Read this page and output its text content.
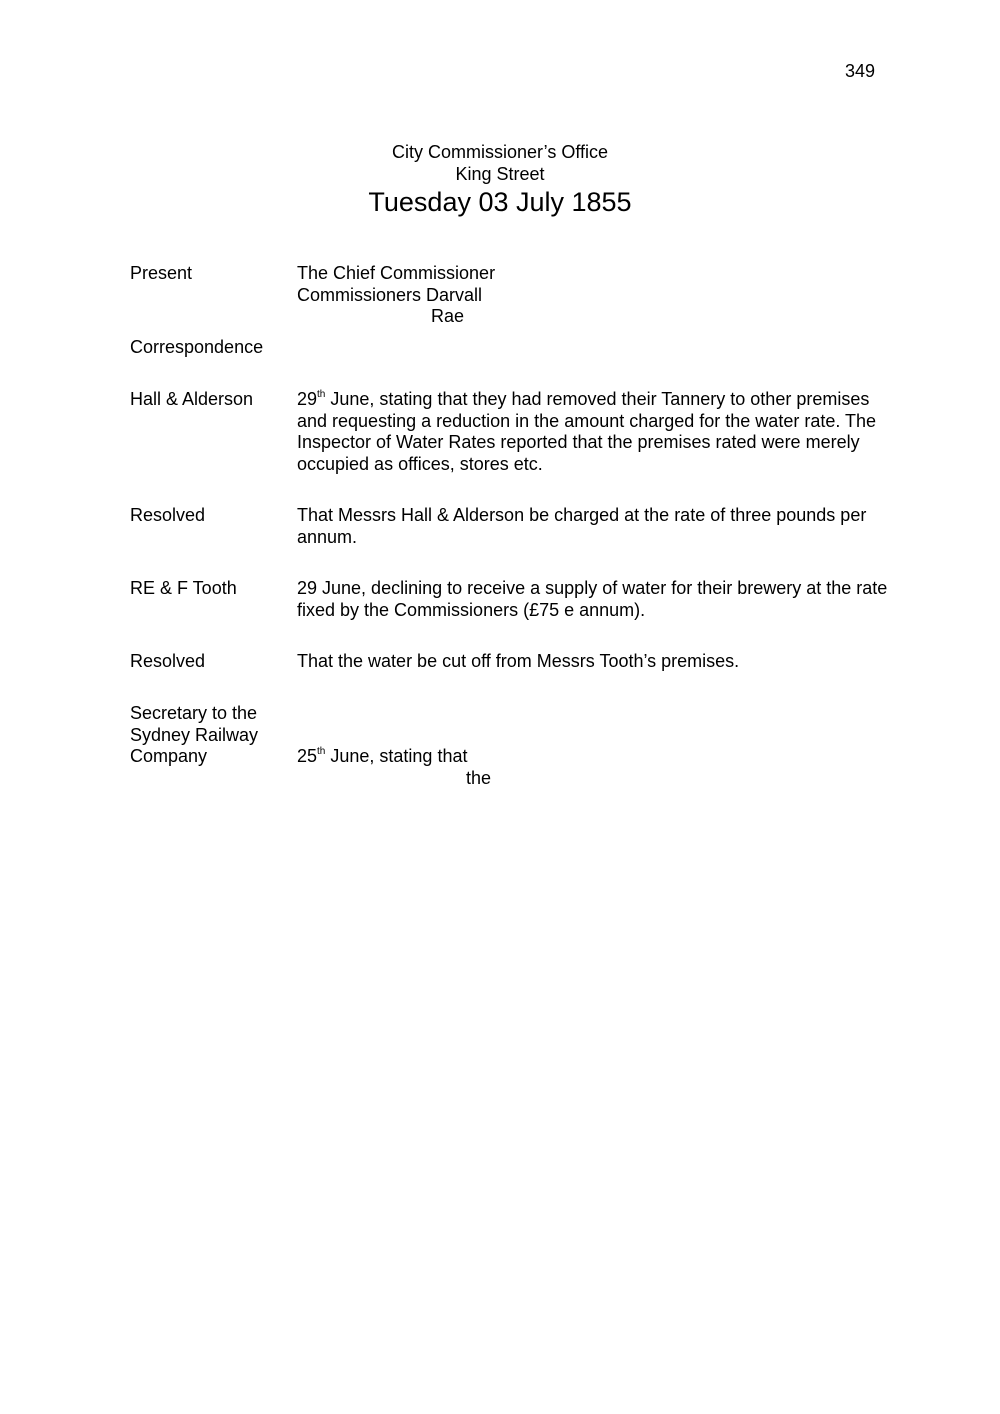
349
City Commissioner’s Office
King Street
Tuesday 03 July 1855
Present	The Chief Commissioner
Commissioners Darvall
Rae
Correspondence
Hall & Alderson	29th June, stating that they had removed their Tannery to other premises
and requesting a reduction in the amount charged for the water rate. The
Inspector of Water Rates reported that the premises rated were merely
occupied as offices, stores etc.
Resolved	That Messrs Hall & Alderson be charged at the rate of three pounds per
annum.
RE & F Tooth	29 June, declining to receive a supply of water for their brewery at the rate
fixed by the Commissioners (£75 e annum).
Resolved	That the water be cut off from Messrs Tooth’s premises.
Secretary to the
Sydney Railway
Company	25th June, stating that
the
